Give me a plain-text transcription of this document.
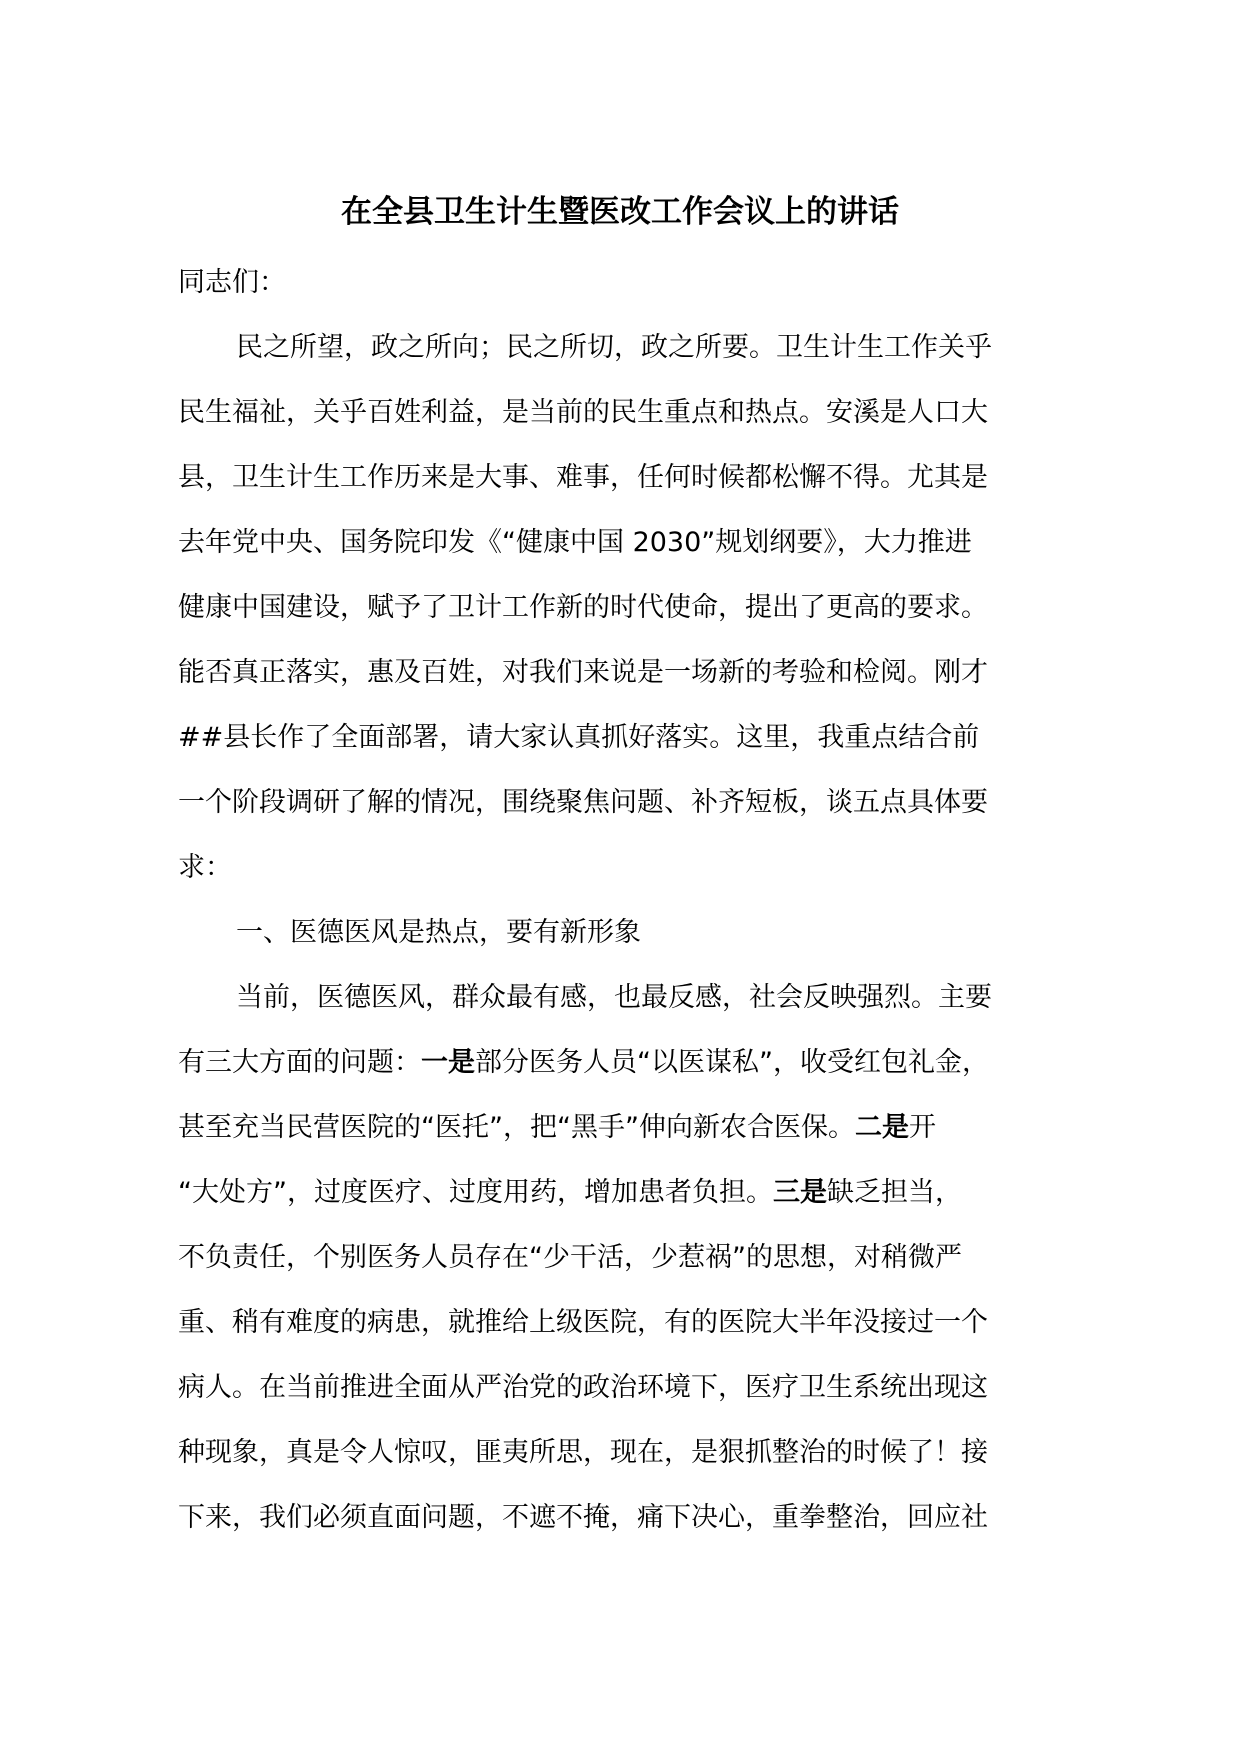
在全县卫生计生暨医改工作会议上的讲话
同志们：
民之所望，政之所向；民之所切，政之所要。卫生计生工作关乎
民生福祉，关乎百姓利益，是当前的民生重点和热点。安溪是人口大
县，卫生计生工作历来是大事、难事，任何时候都松懈不得。尤其是
去年党中央、国务院印发《“健康中国 2030”规划纲要》，大力推进
健康中国建设，赋予了卫计工作新的时代使命，提出了更高的要求。
能否真正落实，惠及百姓，对我们来说是一场新的考验和检阅。刚才
##县长作了全面部署，请大家认真抓好落实。这里，我重点结合前
一个阶段调研了解的情况，围绕聚焦问题、补齐短板，谈五点具体要
求：
一、医德医风是热点，要有新形象
当前，医德医风，群众最有感，也最反感，社会反映强烈。主要
有三大方面的问题：一是部分医务人员“以医谋私”，收受红包礼金，
甚至充当民营医院的“医托”，把“黑手”伸向新农合医保。二是开
“大处方”，过度医疗、过度用药，增加患者负担。三是缺乏担当，
不负责任，个别医务人员存在“少干活，少惹祸”的思想，对稍微严
重、稍有难度的病患，就推给上级医院，有的医院大半年没接过一个
病人。在当前推进全面从严治党的政治环境下，医疗卫生系统出现这
种现象，真是令人惊叹，匪夷所思，现在，是狠抓整治的时候了！接
下来，我们必须直面问题，不遮不掩，痛下决心，重拳整治，回应社
